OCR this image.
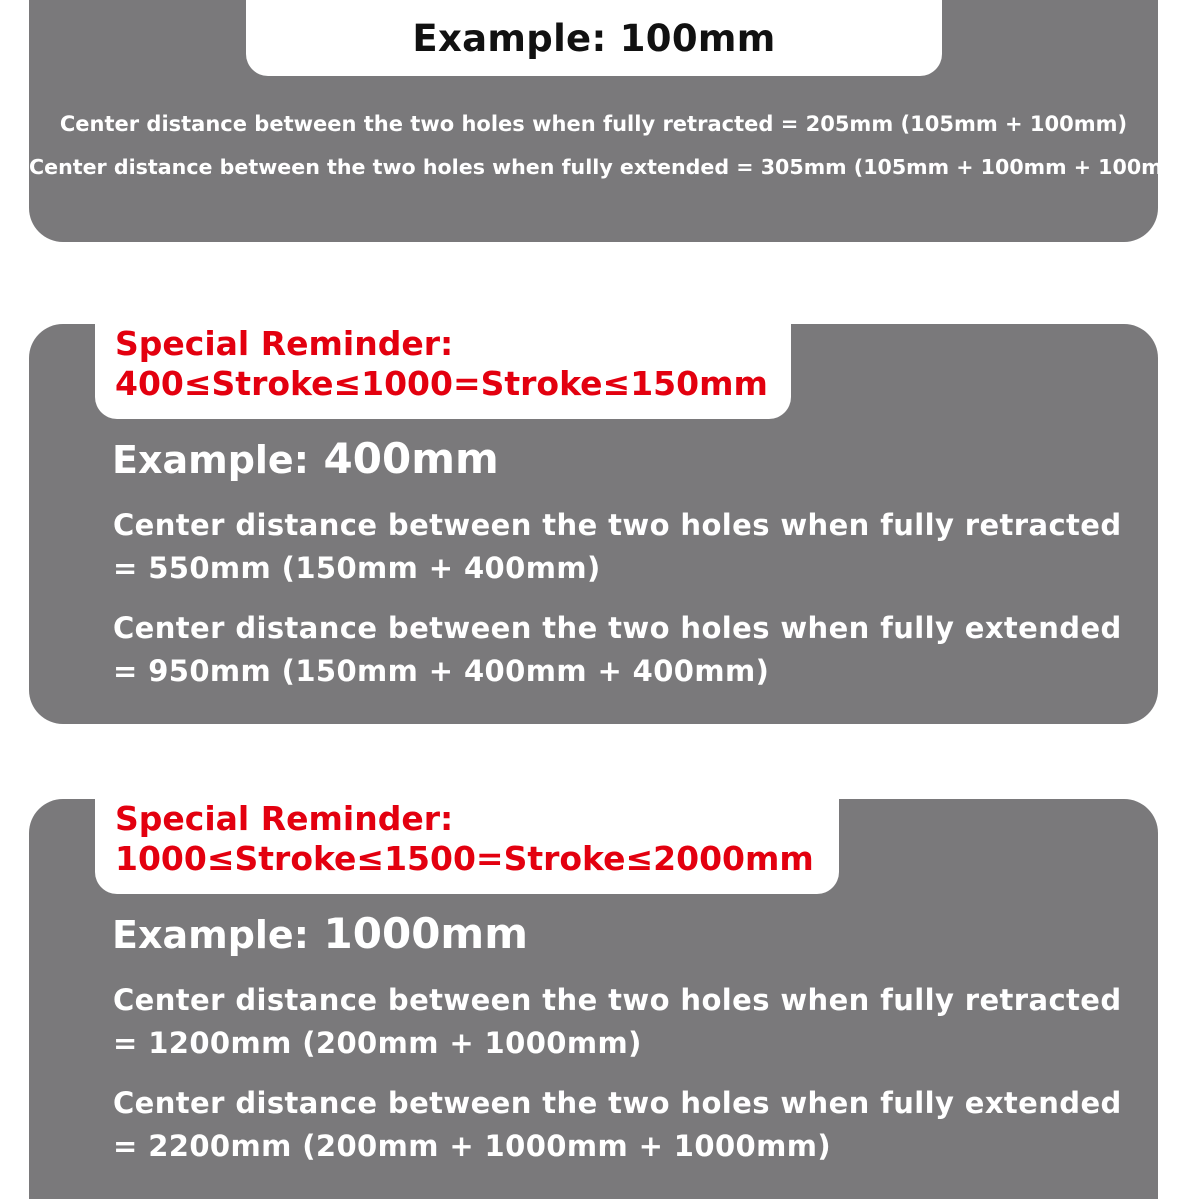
Example: 100mm
Center distance between the two holes when fully retracted = 205mm (105mm + 100mm)
Center distance between the two holes when fully extended = 305mm (105mm + 100mm + 100mm)
Special Reminder:
400≤Stroke≤1000=Stroke≤150mm
Example: 400mm
Center distance between the two holes when fully retracted
= 550mm (150mm + 400mm)
Center distance between the two holes when fully extended
= 950mm (150mm + 400mm + 400mm)
Special Reminder:
1000≤Stroke≤1500=Stroke≤2000mm
Example: 1000mm
Center distance between the two holes when fully retracted
= 1200mm (200mm + 1000mm)
Center distance between the two holes when fully extended
= 2200mm (200mm + 1000mm + 1000mm)
